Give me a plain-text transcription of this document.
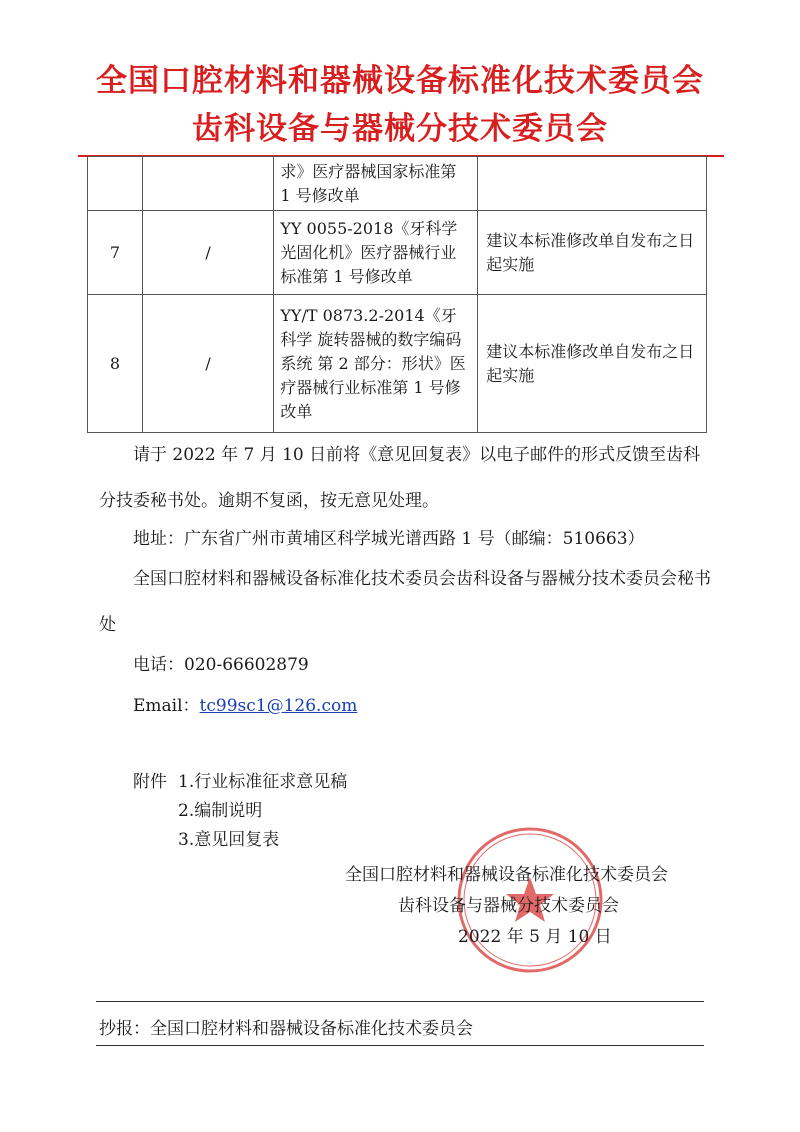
全国口腔材料和器械设备标准化技术委员会
齿科设备与器械分技术委员会
		求》医疗器械国家标准第 1 号修改单	
7	/	YY 0055-2018《牙科学 光固化机》医疗器械行业标准第 1 号修改单	建议本标准修改单自发布之日起实施
8	/	YY/T 0873.2-2014《牙科学 旋转器械的数字编码系统 第 2 部分：形状》医疗器械行业标准第 1 号修改单	建议本标准修改单自发布之日起实施
请于 2022 年 7 月 10 日前将《意见回复表》以电子邮件的形式反馈至齿科分技委秘书处。逾期不复函，按无意见处理。
地址：广东省广州市黄埔区科学城光谱西路 1 号（邮编：510663）
全国口腔材料和器械设备标准化技术委员会齿科设备与器械分技术委员会秘书处
电话：020-66602879
Email：tc99sc1@126.com
附件 1.行业标准征求意见稿
2.编制说明
3.意见回复表
全国口腔材料和器械设备标准化技术委员会
齿科设备与器械分技术委员会
2022 年 5 月 10 日
抄报：全国口腔材料和器械设备标准化技术委员会
